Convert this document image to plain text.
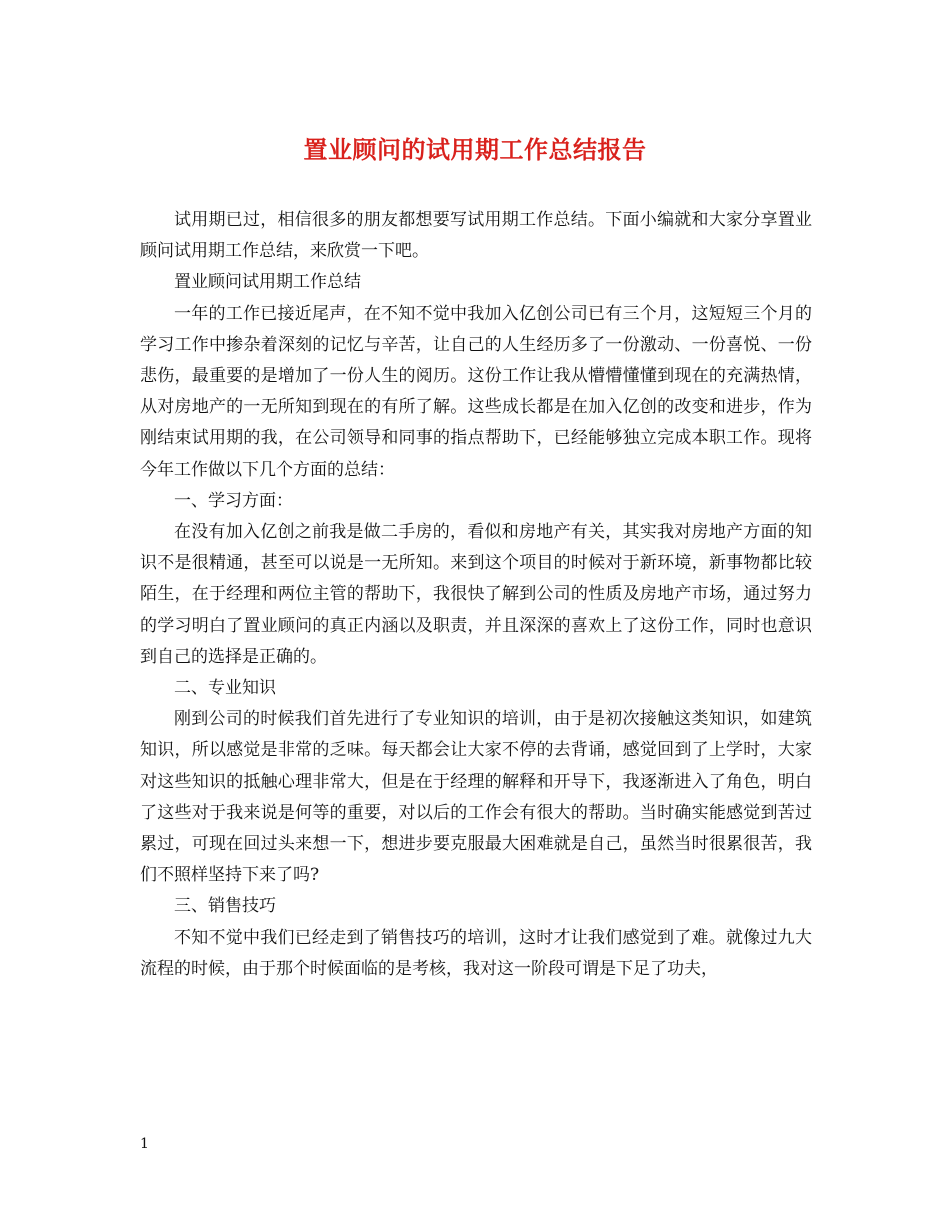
置业顾问的试用期工作总结报告

试用期已过，相信很多的朋友都想要写试用期工作总结。下面小编就和大家分享置业顾问试用期工作总结，来欣赏一下吧。

置业顾问试用期工作总结

一年的工作已接近尾声，在不知不觉中我加入亿创公司已有三个月，这短短三个月的学习工作中掺杂着深刻的记忆与辛苦，让自己的人生经历多了一份激动、一份喜悦、一份悲伤，最重要的是增加了一份人生的阅历。这份工作让我从懵懵懂懂到现在的充满热情，从对房地产的一无所知到现在的有所了解。这些成长都是在加入亿创的改变和进步，作为刚结束试用期的我，在公司领导和同事的指点帮助下，已经能够独立完成本职工作。现将今年工作做以下几个方面的总结：

一、学习方面：

在没有加入亿创之前我是做二手房的，看似和房地产有关，其实我对房地产方面的知识不是很精通，甚至可以说是一无所知。来到这个项目的时候对于新环境，新事物都比较陌生，在于经理和两位主管的帮助下，我很快了解到公司的性质及房地产市场，通过努力的学习明白了置业顾问的真正内涵以及职责，并且深深的喜欢上了这份工作，同时也意识到自己的选择是正确的。

二、专业知识

刚到公司的时候我们首先进行了专业知识的培训，由于是初次接触这类知识，如建筑知识，所以感觉是非常的乏味。每天都会让大家不停的去背诵，感觉回到了上学时，大家对这些知识的抵触心理非常大，但是在于经理的解释和开导下，我逐渐进入了角色，明白了这些对于我来说是何等的重要，对以后的工作会有很大的帮助。当时确实能感觉到苦过累过，可现在回过头来想一下，想进步要克服最大困难就是自己，虽然当时很累很苦，我们不照样坚持下来了吗?

三、销售技巧

不知不觉中我们已经走到了销售技巧的培训，这时才让我们感觉到了难。就像过九大流程的时候，由于那个时候面临的是考核，我对这一阶段可谓是下足了功夫，

1
